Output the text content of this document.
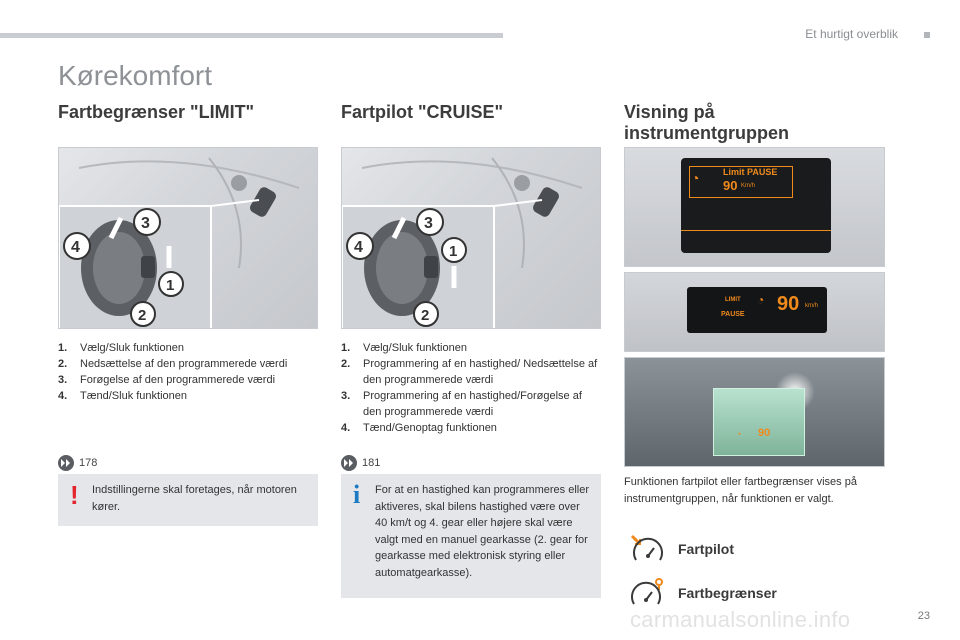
Et hurtigt overblik
Kørekomfort
Fartbegrænser "LIMIT"	Fartpilot "CRUISE"	Visning på instrumentgruppen
4
3
1
2
4
3
1
2
◔	Limit PAUSE
90 Km/h
LIMIT ◔
PAUSE 90 km/h
◔ 90
1.	Vælg/Sluk funktionen
2.	Nedsættelse af den programmerede værdi
3.	Forøgelse af den programmerede værdi
4.	Tænd/Sluk funktionen
1.	Vælg/Sluk funktionen
2.	Programmering af en hastighed/ Nedsættelse af den programmerede værdi
3.	Programmering af en hastighed/Forøgelse af den programmerede værdi
4.	Tænd/Genoptag funktionen
178	181
! Indstillingerne skal foretages, når motoren kører.	i For at en hastighed kan programmeres eller aktiveres, skal bilens hastighed være over 40 km/t og 4. gear eller højere skal være valgt med en manuel gearkasse (2. gear for gearkasse med elektronisk styring eller automatgearkasse).
Funktionen fartpilot eller fartbegrænser vises på instrumentgruppen, når funktionen er valgt.
Fartpilot
Fartbegrænser
carmanualsonline.info	23
